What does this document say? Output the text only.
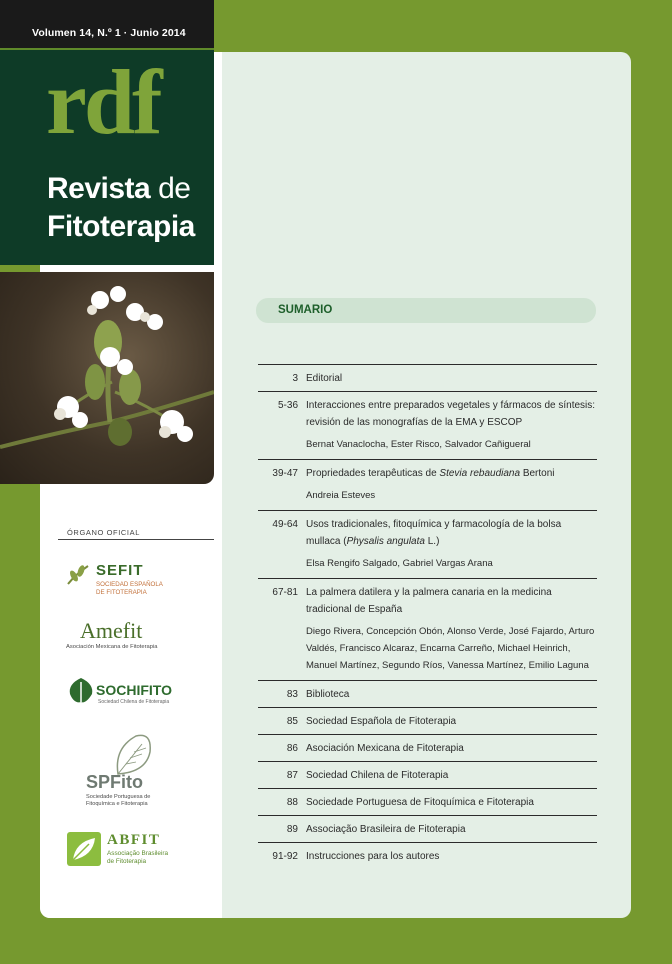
Volumen 14, N.º 1 · Junio 2014
rdf
Revista de
Fitoterapia
ÓRGANO OFICIAL
SEFIT
SOCIEDAD ESPAÑOLA
DE FITOTERAPIA
Amefit
Asociación Mexicana de Fitoterapia
SOCHIFITO
Sociedad Chilena de Fitoterapia
SPFito
Sociedade Portuguesa de
Fitoquímica e Fitoterapia
ABFIT
Associação Brasileira
de Fitoterapia
SUMARIO
3 Editorial
5-36 Interacciones entre preparados vegetales y fármacos de síntesis: revisión de las monografías de la EMA y ESCOP
Bernat Vanaclocha, Ester Risco, Salvador Cañigueral
39-47 Propriedades terapêuticas de Stevia rebaudiana Bertoni
Andreia Esteves
49-64 Usos tradicionales, fitoquímica y farmacología de la bolsa mullaca (Physalis angulata L.)
Elsa Rengifo Salgado, Gabriel Vargas Arana
67-81 La palmera datilera y la palmera canaria en la medicina tradicional de España
Diego Rivera, Concepción Obón, Alonso Verde, José Fajardo, Arturo Valdés, Francisco Alcaraz, Encarna Carreño, Michael Heinrich, Manuel Martínez, Segundo Ríos, Vanessa Martínez, Emilio Laguna
83 Biblioteca
85 Sociedad Española de Fitoterapia
86 Asociación Mexicana de Fitoterapia
87 Sociedad Chilena de Fitoterapia
88 Sociedade Portuguesa de Fitoquímica e Fitoterapia
89 Associação Brasileira de Fitoterapia
91-92 Instrucciones para los autores
